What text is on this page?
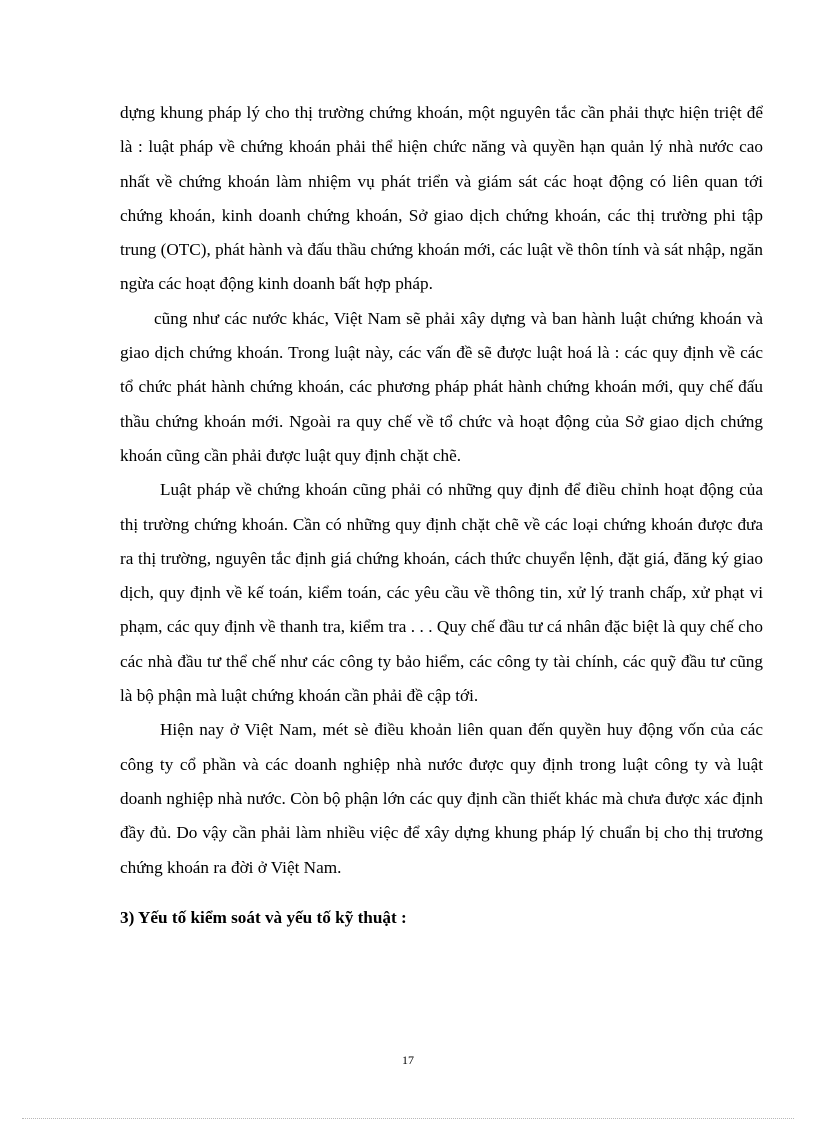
dựng khung pháp lý cho thị trường chứng khoán, một nguyên tắc cần phải thực hiện triệt để là : luật pháp về chứng khoán phải thể hiện chức năng và quyền hạn quản lý nhà nước cao nhất về chứng khoán làm nhiệm vụ phát triển và giám sát các hoạt động có liên quan tới chứng khoán, kinh doanh chứng khoán, Sở giao dịch chứng khoán, các thị trường phi tập trung (OTC), phát hành và đấu thầu chứng khoán mới, các luật về thôn tính và sát nhập, ngăn ngừa các hoạt động kinh doanh bất hợp pháp.

cũng như các nước khác, Việt Nam sẽ phải xây dựng và ban hành luật chứng khoán và giao dịch chứng khoán. Trong luật này, các vấn đề sẽ được luật hoá là : các quy định về các tổ chức phát hành chứng khoán, các phương pháp phát hành chứng khoán mới, quy chế đấu thầu chứng khoán mới. Ngoài ra quy chế về tổ chức và hoạt động của Sở giao dịch chứng khoán cũng cần phải được luật quy định chặt chẽ.

Luật pháp về chứng khoán cũng phải có những quy định để điều chỉnh hoạt động của thị trường chứng khoán. Cần có những quy định chặt chẽ về các loại chứng khoán được đưa ra thị trường, nguyên tắc định giá chứng khoán, cách thức chuyển lệnh, đặt giá, đăng ký giao dịch, quy định về kế toán, kiểm toán, các yêu cầu về thông tin, xử lý tranh chấp, xử phạt vi phạm, các quy định về thanh tra, kiểm tra . . . Quy chế đầu tư cá nhân đặc biệt là quy chế cho các nhà đầu tư thể chế như các công ty bảo hiểm, các công ty tài chính, các quỹ đầu tư cũng là bộ phận mà luật chứng khoán cần phải đề cập tới.

Hiện nay ở Việt Nam, mét sè điều khoản liên quan đến quyền huy động vốn của các công ty cổ phần và các doanh nghiệp nhà nước được quy định trong luật công ty và luật doanh nghiệp nhà nước. Còn bộ phận lớn các quy định cần thiết khác mà chưa được xác định đầy đủ. Do vậy cần phải làm nhiều việc để xây dựng khung pháp lý chuẩn bị cho thị trương chứng khoán ra đời ở Việt Nam.

3) Yếu tố kiểm soát và yếu tố kỹ thuật :

17
